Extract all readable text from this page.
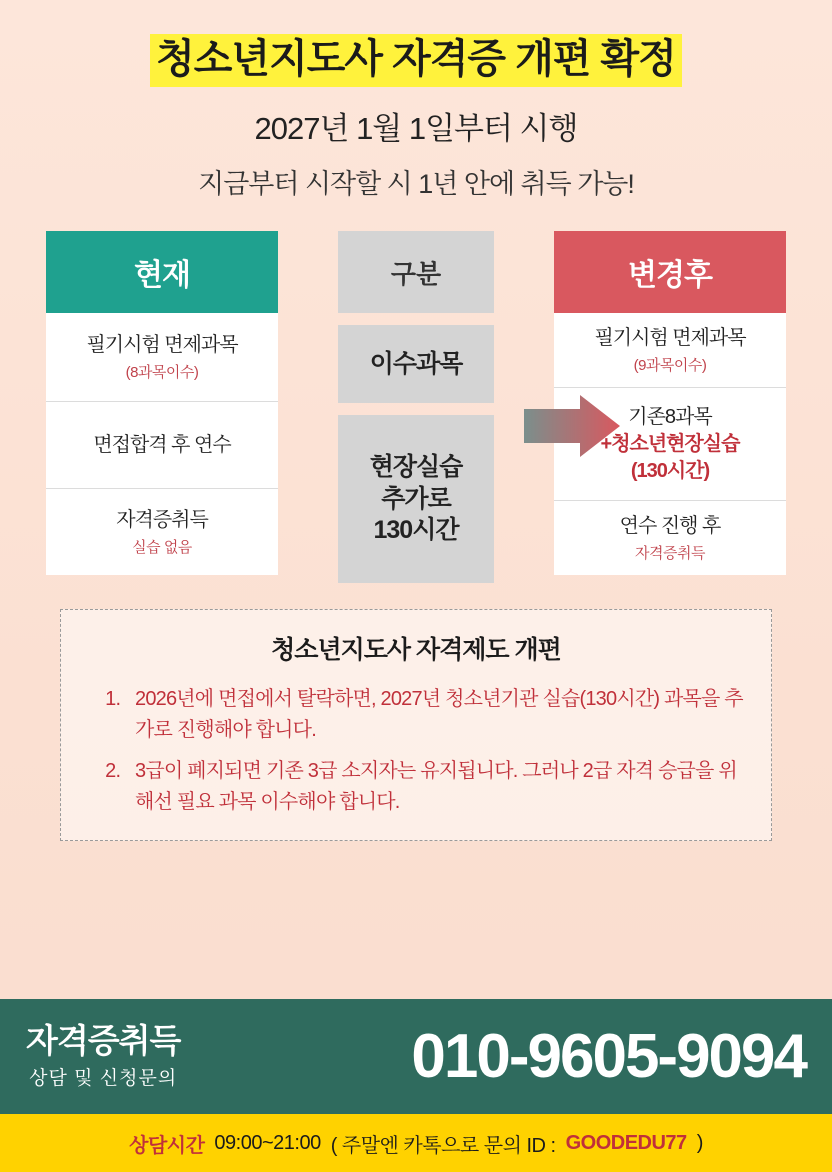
청소년지도사 자격증 개편 확정
2027년 1월 1일부터 시행
지금부터 시작할 시 1년 안에 취득 가능!
현재
필기시험 면제과목
(8과목이수)
면접합격 후 연수
자격증취득
실습 없음
구분
이수과목
현장실습
추가로
130시간
변경후
필기시험 면제과목
(9과목이수)
기존8과목
+청소년현장실습
(130시간)
연수 진행 후
자격증취득
청소년지도사 자격제도 개편
1. 2026년에 면접에서 탈락하면, 2027년 청소년기관 실습(130시간) 과목을 추가로 진행해야 합니다.
2. 3급이 폐지되면 기존 3급 소지자는 유지됩니다. 그러나 2급 자격 승급을 위해선 필요 과목 이수해야 합니다.
자격증취득
상담 및 신청문의	010-9605-9094
상담시간 09:00~21:00 ( 주말엔 카톡으로 문의 ID : GOODEDU77 )
